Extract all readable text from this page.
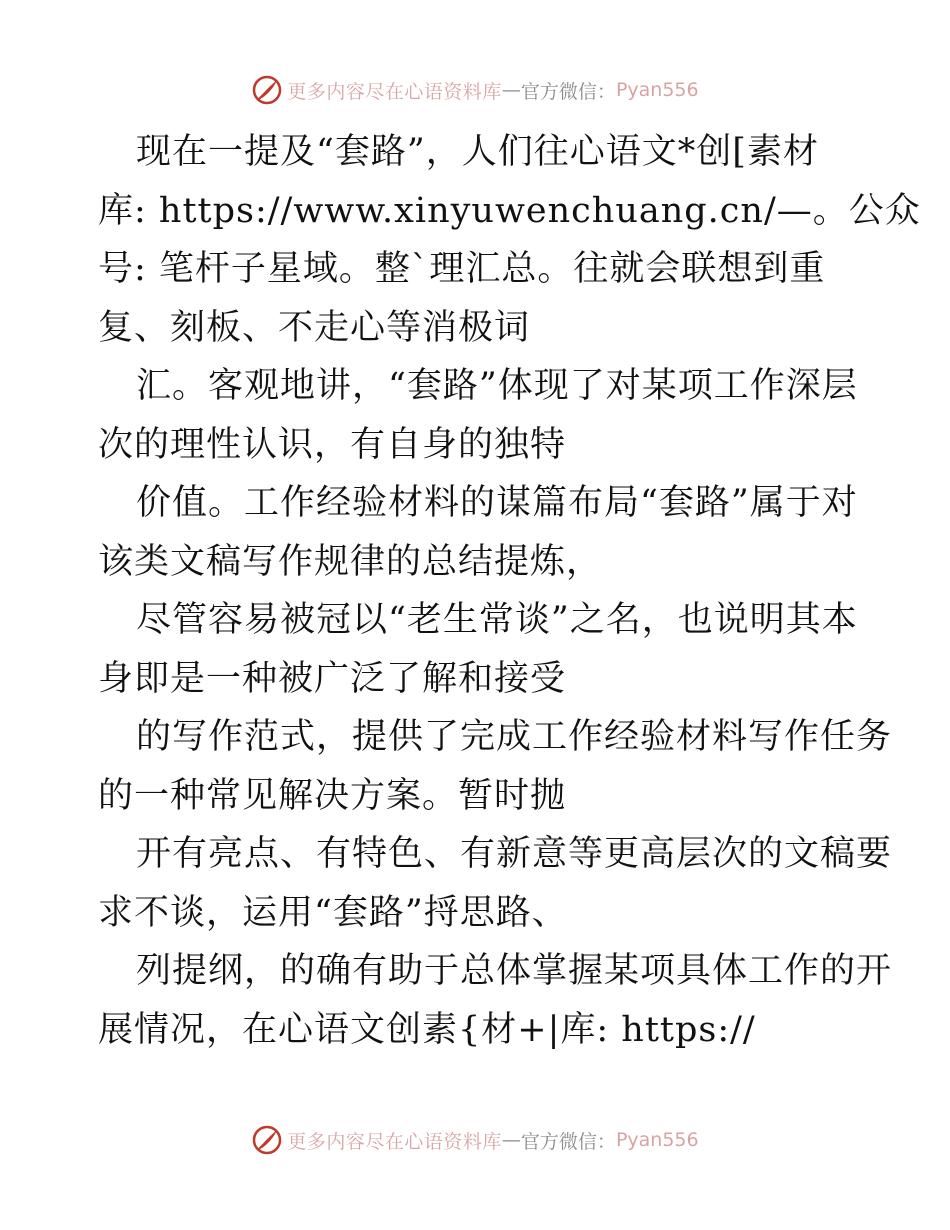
更多内容尽在心语资料库 — 官方微信： Pyan556
现在一提及“套路”，人们往心语文*创[素材
库: https://www.xinyuwenchuang.cn/—。公众
号: 笔杆子星域。整`理汇总。往就会联想到重
复、刻板、不走心等消极词
汇。客观地讲，“套路”体现了对某项工作深层
次的理性认识，有自身的独特
价值。工作经验材料的谋篇布局“套路”属于对
该类文稿写作规律的总结提炼，
尽管容易被冠以“老生常谈”之名，也说明其本
身即是一种被广泛了解和接受
的写作范式，提供了完成工作经验材料写作任务
的一种常见解决方案。暂时抛
开有亮点、有特色、有新意等更高层次的文稿要
求不谈，运用“套路”捋思路、
列提纲，的确有助于总体掌握某项具体工作的开
展情况，在心语文创素{材+|库: https://
更多内容尽在心语资料库 — 官方微信： Pyan556
